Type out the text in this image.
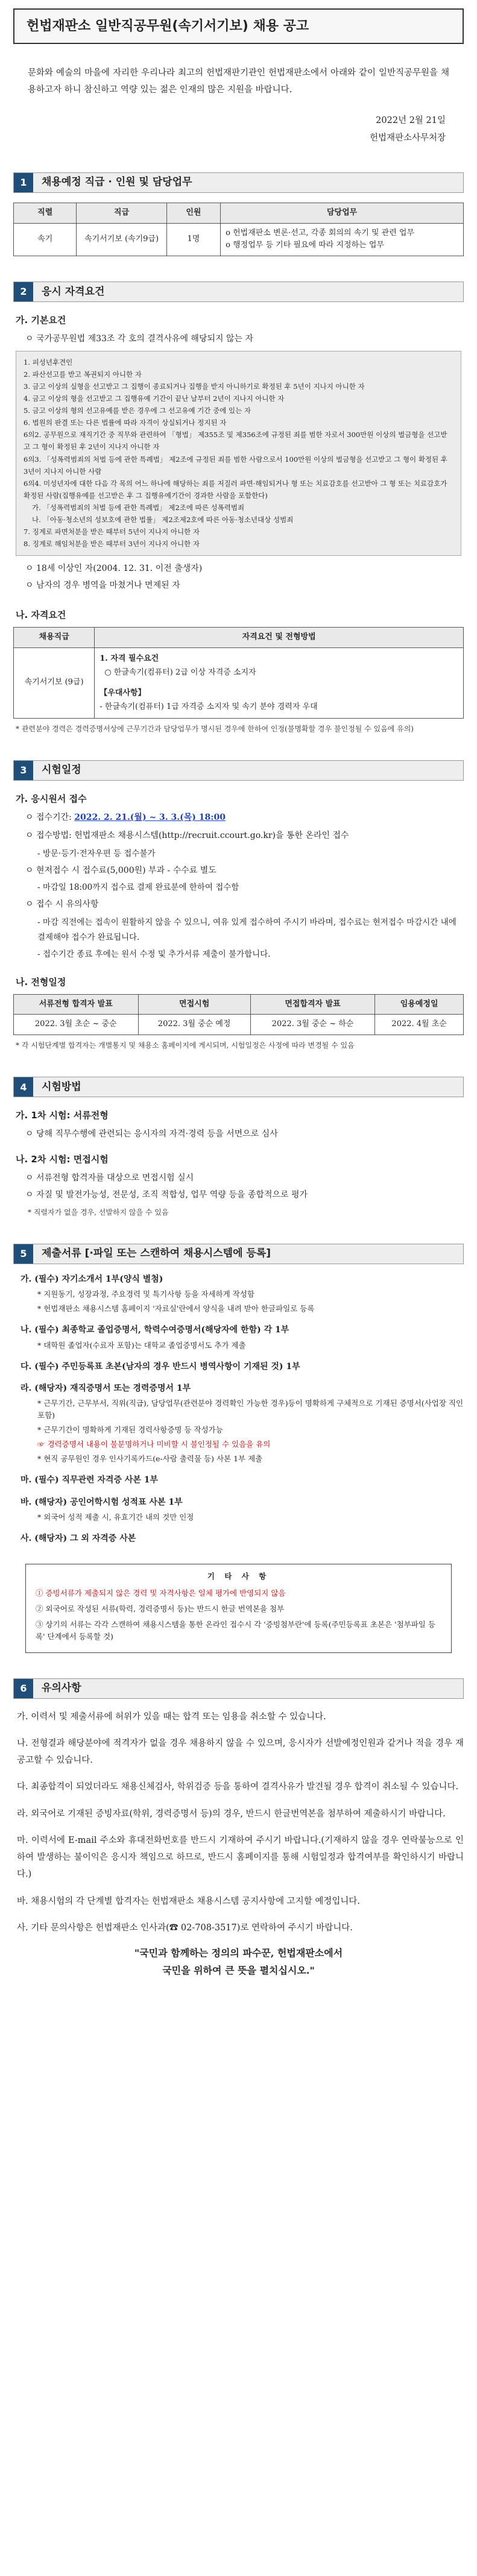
헌법재판소 일반직공무원(속기서기보) 채용 공고

문화와 예술의 마을에 자리한 우리나라 최고의 헌법재판기관인 헌법재판소에서 아래와 같이 일반직공무원을 채용하고자 하니 참신하고 역량 있는 젊은 인재의 많은 지원을 바랍니다.

2022년 2월 21일
헌법재판소사무처장
1	채용예정 직급 · 인원 및 담당업무
직렬	직급	인원	담당업무
속기	속기서기보 (속기9급)	1명	o 헌법재판소 변론·선고, 각종 회의의 속기 및 관련 업무
o 행정업무 등 기타 필요에 따라 지정하는 업무
2	응시 자격요건
가. 기본요건
ㅇ 국가공무원법 제33조 각 호의 결격사유에 해당되지 않는 자
1. 피성년후견인
2. 파산선고를 받고 복권되지 아니한 자
3. 금고 이상의 실형을 선고받고 그 집행이 종료되거나 집행을 받지 아니하기로 확정된 후 5년이 지나지 아니한 자
4. 금고 이상의 형을 선고받고 그 집행유예 기간이 끝난 날부터 2년이 지나지 아니한 자
5. 금고 이상의 형의 선고유예를 받은 경우에 그 선고유예 기간 중에 있는 자
6. 법원의 판결 또는 다른 법률에 따라 자격이 상실되거나 정지된 자
6의2. 공무원으로 재직기간 중 직무와 관련하여 「형법」 제355조 및 제356조에 규정된 죄를 범한 자로서 300만원 이상의 벌금형을 선고받고 그 형이 확정된 후 2년이 지나지 아니한 자
6의3. 「성폭력범죄의 처벌 등에 관한 특례법」 제2조에 규정된 죄를 범한 사람으로서 100만원 이상의 벌금형을 선고받고 그 형이 확정된 후 3년이 지나지 아니한 사람
6의4. 미성년자에 대한 다음 각 목의 어느 하나에 해당하는 죄를 저질러 파면·해임되거나 형 또는 치료감호를 선고받아 그 형 또는 치료감호가 확정된 사람(집행유예를 선고받은 후 그 집행유예기간이 경과한 사람을 포함한다)
가. 「성폭력범죄의 처벌 등에 관한 특례법」 제2조에 따른 성폭력범죄
나. 「아동·청소년의 성보호에 관한 법률」 제2조제2호에 따른 아동·청소년대상 성범죄
7. 징계로 파면처분을 받은 때부터 5년이 지나지 아니한 자
8. 징계로 해임처분을 받은 때부터 3년이 지나지 아니한 자
ㅇ 18세 이상인 자(2004. 12. 31. 이전 출생자)
ㅇ 남자의 경우 병역을 마쳤거나 면제된 자
나. 자격요건
채용직급	자격요건 및 전형방법
속기서기보 (9급)	1. 자격 필수요건
○ 한글속기(컴퓨터) 2급 이상 자격증 소지자
【우대사항】
- 한글속기(컴퓨터) 1급 자격증 소지자 및 속기 분야 경력자 우대
* 관련분야 경력은 경력증명서상에 근무기간과 담당업무가 명시된 경우에 한하여 인정(불명확할 경우 불인정될 수 있음에 유의)
3	시험일정
가. 응시원서 접수
ㅇ 접수기간: 2022. 2. 21.(월) ~ 3. 3.(목) 18:00
ㅇ 접수방법: 헌법재판소 채용시스템(http://recruit.ccourt.go.kr)을 통한 온라인 접수
- 방문·등기·전자우편 등 접수불가
ㅇ 현저접수 시 접수료(5,000원) 부과 - 수수료 별도
- 마감일 18:00까지 접수료 결제 완료분에 한하여 접수함
ㅇ 접수 시 유의사항
- 마감 직전에는 접속이 원활하지 않을 수 있으니, 여유 있게 접수하여 주시기 바라며, 접수료는 현저접수 마감시간 내에 결제해야 접수가 완료됩니다.
- 접수기간 종료 후에는 원서 수정 및 추가서류 제출이 불가합니다.
나. 전형일정
서류전형 합격자 발표	면접시험	면접합격자 발표	임용예정일
2022. 3월 초순 ~ 중순	2022. 3월 중순 예정	2022. 3월 중순 ~ 하순	2022. 4월 초순
* 각 시험단계별 합격자는 개별통지 및 채용소 홈페이지에 게시되며, 시험일정은 사정에 따라 변경될 수 있음
4	시험방법
가. 1차 시험: 서류전형
ㅇ 당해 직무수행에 관련되는 응시자의 자격·경력 등을 서면으로 심사
나. 2차 시험: 면접시험
ㅇ 서류전형 합격자를 대상으로 면접시험 실시
ㅇ 자질 및 발전가능성, 전문성, 조직 적합성, 업무 역량 등을 종합적으로 평가
* 직렬자가 없을 경우, 선발하지 않을 수 있음
5	제출서류 [·파일 또는 스캔하여 채용시스템에 등록]
가. (필수) 자기소개서 1부(양식 별첨)
* 지원동기, 성장과정, 주요경력 및 특기사항 등을 자세하게 작성함
* 헌법재판소 채용시스템 홈페이지 '자료실'란에서 양식을 내려 받아 한글파일로 등록
나. (필수) 최종학교 졸업증명서, 학력수여증명서(해당자에 한함) 각 1부
* 대학원 졸업자(수료자 포함)는 대학교 졸업증명서도 추가 제출
다. (필수) 주민등록표 초본(남자의 경우 반드시 병역사항이 기재된 것) 1부
라. (해당자) 재직증명서 또는 경력증명서 1부
* 근무기간, 근무부서, 직위(직급), 담당업무(관련분야 경력확인 가능한 경우)등이 명확하게 구체적으로 기재된 증명서(사업장 직인 포함)
* 근무기간이 명확하게 기재된 경력사항증명 등 작성가능
☞ 경력증명서 내용이 불분명하거나 미비할 시 불인정될 수 있음을 유의
* 현직 공무원인 경우 인사기록카드(e-사람 출력물 등) 사본 1부 제출
마. (필수) 직무관련 자격증 사본 1부
바. (해당자) 공인어학시험 성적표 사본 1부
* 외국어 성적 제출 시, 유효기간 내의 것만 인정
사. (해당자) 그 외 자격증 사본
기 타 사 항
① 증빙서류가 제출되지 않은 경력 및 자격사항은 일체 평가에 반영되지 않음
② 외국어로 작성된 서류(학력, 경력증명서 등)는 반드시 한글 번역본을 첨부
③ 상기의 서류는 각각 스캔하여 채용시스템을 통한 온라인 접수시 각 '증빙첨부란'에 등록(주민등록표 초본은 '첨부파일 등록' 단계에서 등록할 것)
6	유의사항
가. 이력서 및 제출서류에 허위가 있을 때는 합격 또는 임용을 취소할 수 있습니다.
나. 전형결과 해당분야에 적격자가 없을 경우 채용하지 않을 수 있으며, 응시자가 선발예정인원과 같거나 적을 경우 재공고할 수 있습니다.
다. 최종합격이 되었더라도 채용신체검사, 학위검증 등을 통하여 결격사유가 발견될 경우 합격이 취소될 수 있습니다.
라. 외국어로 기재된 증빙자료(학위, 경력증명서 등)의 경우, 반드시 한글번역본을 첨부하여 제출하시기 바랍니다.
마. 이력서에 E-mail 주소와 휴대전화번호를 반드시 기재하여 주시기 바랍니다.(기재하지 않을 경우 연락불능으로 인하여 발생하는 불이익은 응시자 책임으로 하므로, 반드시 홈페이지를 통해 시험일정과 합격여부를 확인하시기 바랍니다.)
바. 채용시험의 각 단계별 합격자는 헌법재판소 채용시스템 공지사항에 고지할 예정입니다.
사. 기타 문의사항은 헌법재판소 인사과(☎ 02-708-3517)로 연락하여 주시기 바랍니다.
"국민과 함께하는 정의의 파수꾼, 헌법재판소에서
국민을 위하여 큰 뜻을 펼치십시오."
